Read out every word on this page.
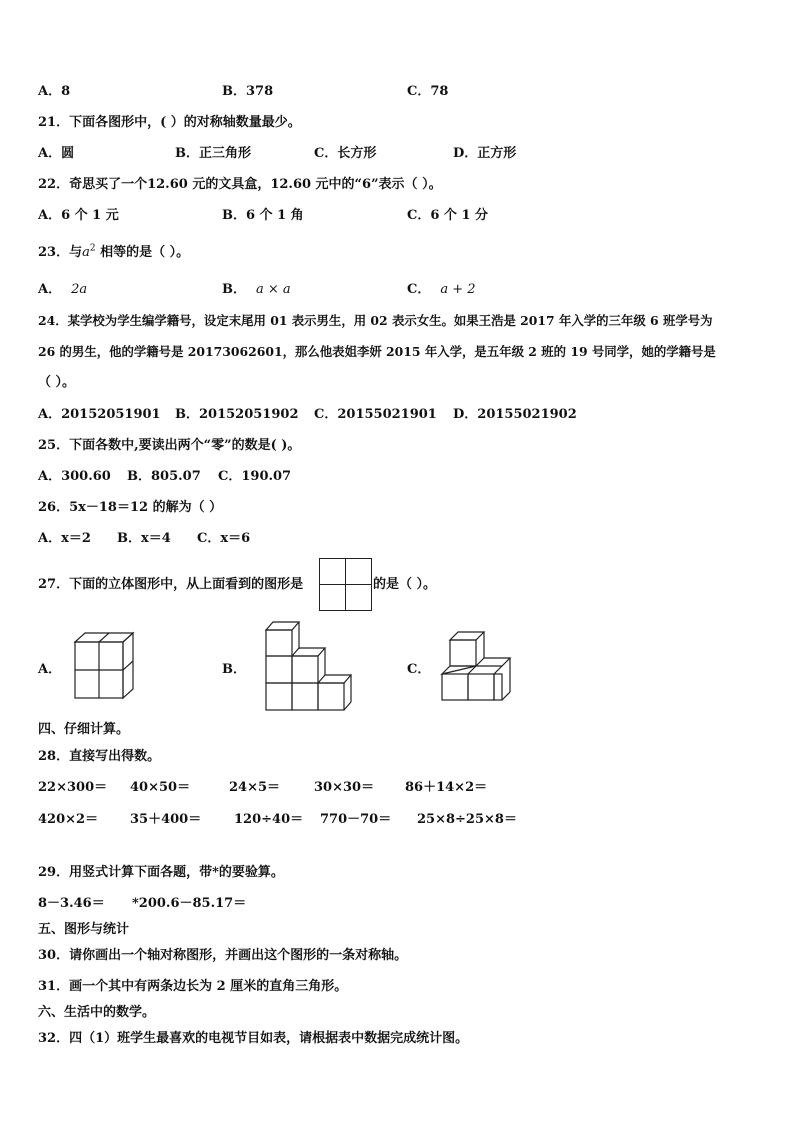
A．8	B．378	C．78
21．下面各图形中，( ）的对称轴数量最少。
A．圆	B．正三角形	C．长方形	D．正方形
22．奇思买了一个12.60 元的文具盒，12.60 元中的“6”表示（ ）。
A．6 个 1 元	B．6 个 1 角	C．6 个 1 分
23．与$a^2$ 相等的是（ ）。
A． 2a	B． a × a	C． a + 2
24．某学校为学生编学籍号，设定末尾用 01 表示男生，用 02 表示女生。如果王浩是 2017 年入学的三年级 6 班学号为
26 的男生，他的学籍号是 20173062601，那么他表姐李妍 2015 年入学，是五年级 2 班的 19 号同学，她的学籍号是
（ ）。
A．20152051901 B．20152051902 C．20155021901 D．20155021902
25．下面各数中,要读出两个“零”的数是( )。
A．300.60 B．805.07 C．190.07
26．5x－18＝12 的解为（ ）
A．x＝2 B．x＝4 C．x＝6
27．下面的立体图形中，从上面看到的图形是	的是（ ）。
A．	B．	C．
四、仔细计算。
28．直接写出得数。
22×300＝ 40×50＝	24×5＝	30×30＝ 86＋14×2＝
420×2＝ 35＋400＝	120÷40＝ 770－70＝ 25×8÷25×8＝
29．用竖式计算下面各题，带*的要验算。
8－3.46＝ *200.6－85.17＝
五、图形与统计
30．请你画出一个轴对称图形，并画出这个图形的一条对称轴。
31．画一个其中有两条边长为 2 厘米的直角三角形。
六、生活中的数学。
32．四（1）班学生最喜欢的电视节目如表，请根据表中数据完成统计图。
